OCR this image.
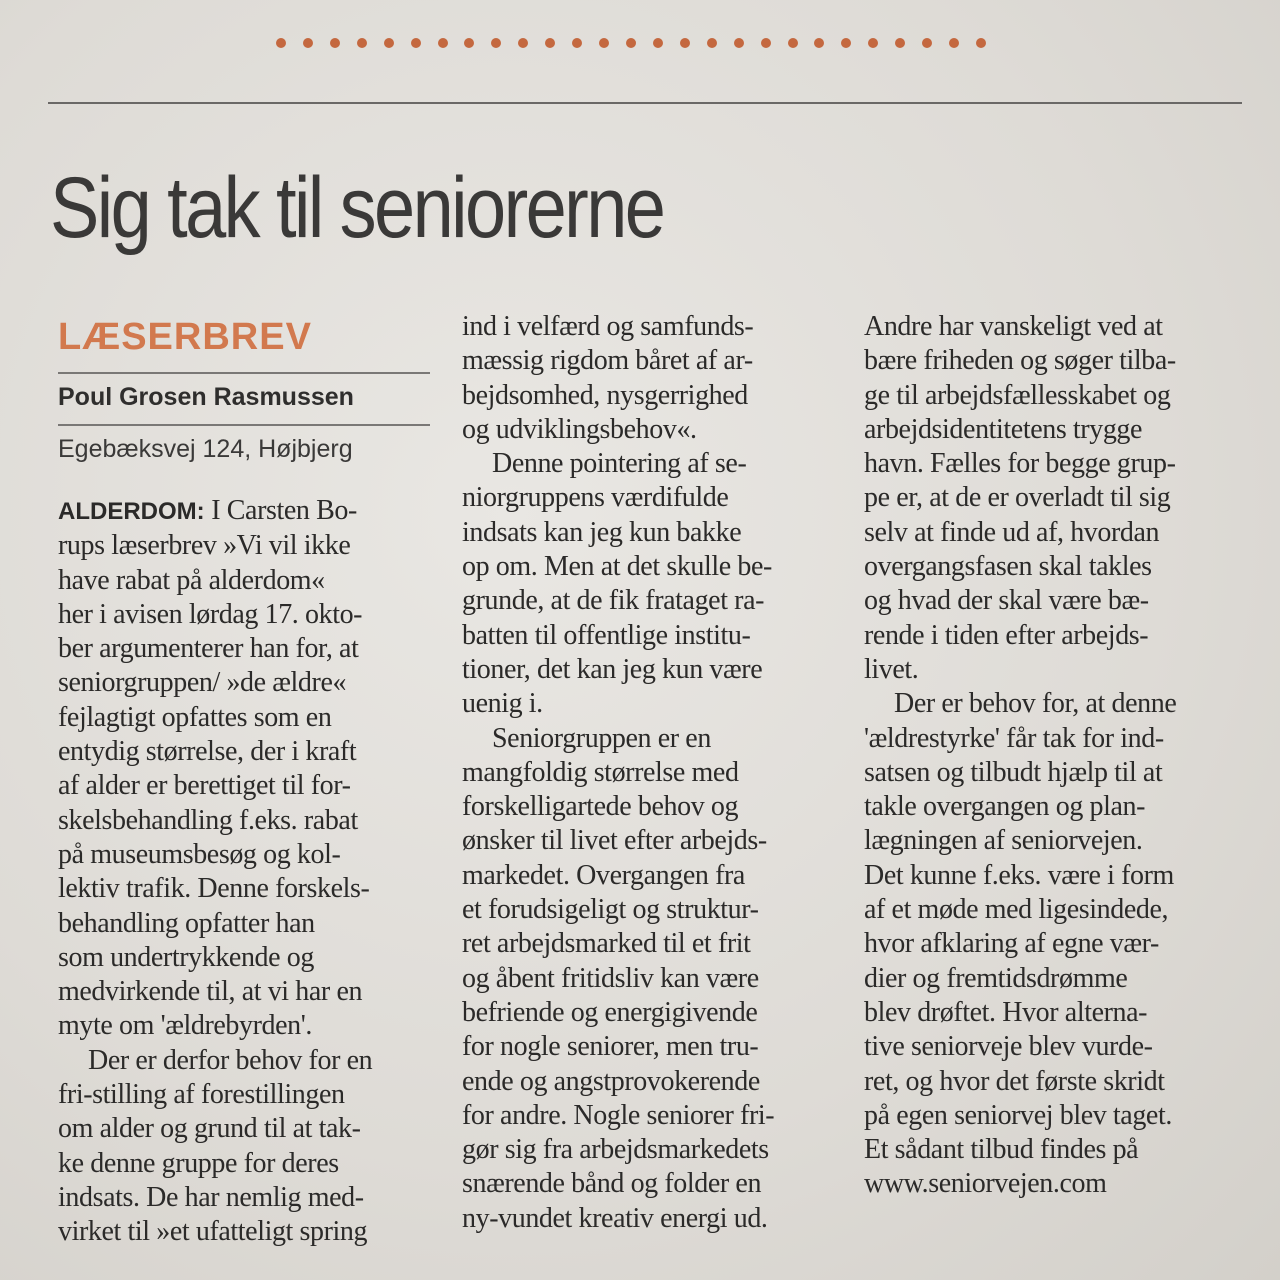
Sig tak til seniorerne
LÆSERBREV
Poul Grosen Rasmussen
Egebæksvej 124, Højbjerg

ALDERDOM: I Carsten Bo-
rups læserbrev »Vi vil ikke
have rabat på alderdom«
her i avisen lørdag 17. okto-
ber argumenterer han for, at
seniorgruppen/ »de ældre«
fejlagtigt opfattes som en
entydig størrelse, der i kraft
af alder er berettiget til for-
skelsbehandling f.eks. rabat
på museumsbesøg og kol-
lektiv trafik. Denne forskels-
behandling opfatter han
som undertrykkende og
medvirkende til, at vi har en
myte om 'ældrebyrden'.

Der er derfor behov for en
fri-stilling af forestillingen
om alder og grund til at tak-
ke denne gruppe for deres
indsats. De har nemlig med-
virket til »et ufatteligt spring

ind i velfærd og samfunds-
mæssig rigdom båret af ar-
bejdsomhed, nysgerrighed
og udviklingsbehov«.

Denne pointering af se-
niorgruppens værdifulde
indsats kan jeg kun bakke
op om. Men at det skulle be-
grunde, at de fik frataget ra-
batten til offentlige institu-
tioner, det kan jeg kun være
uenig i.

Seniorgruppen er en
mangfoldig størrelse med
forskelligartede behov og
ønsker til livet efter arbejds-
markedet. Overgangen fra
et forudsigeligt og struktur-
ret arbejdsmarked til et frit
og åbent fritidsliv kan være
befriende og energigivende
for nogle seniorer, men tru-
ende og angstprovokerende
for andre. Nogle seniorer fri-
gør sig fra arbejdsmarkedets
snærende bånd og folder en
ny-vundet kreativ energi ud.

Andre har vanskeligt ved at
bære friheden og søger tilba-
ge til arbejdsfællesskabet og
arbejdsidentitetens trygge
havn. Fælles for begge grup-
pe er, at de er overladt til sig
selv at finde ud af, hvordan
overgangsfasen skal takles
og hvad der skal være bæ-
rende i tiden efter arbejds-
livet.

Der er behov for, at denne
'ældrestyrke' får tak for ind-
satsen og tilbudt hjælp til at
takle overgangen og plan-
lægningen af seniorvejen.
Det kunne f.eks. være i form
af et møde med ligesindede,
hvor afklaring af egne vær-
dier og fremtidsdrømme
blev drøftet. Hvor alterna-
tive seniorveje blev vurde-
ret, og hvor det første skridt
på egen seniorvej blev taget.
Et sådant tilbud findes på
www.seniorvejen.com
